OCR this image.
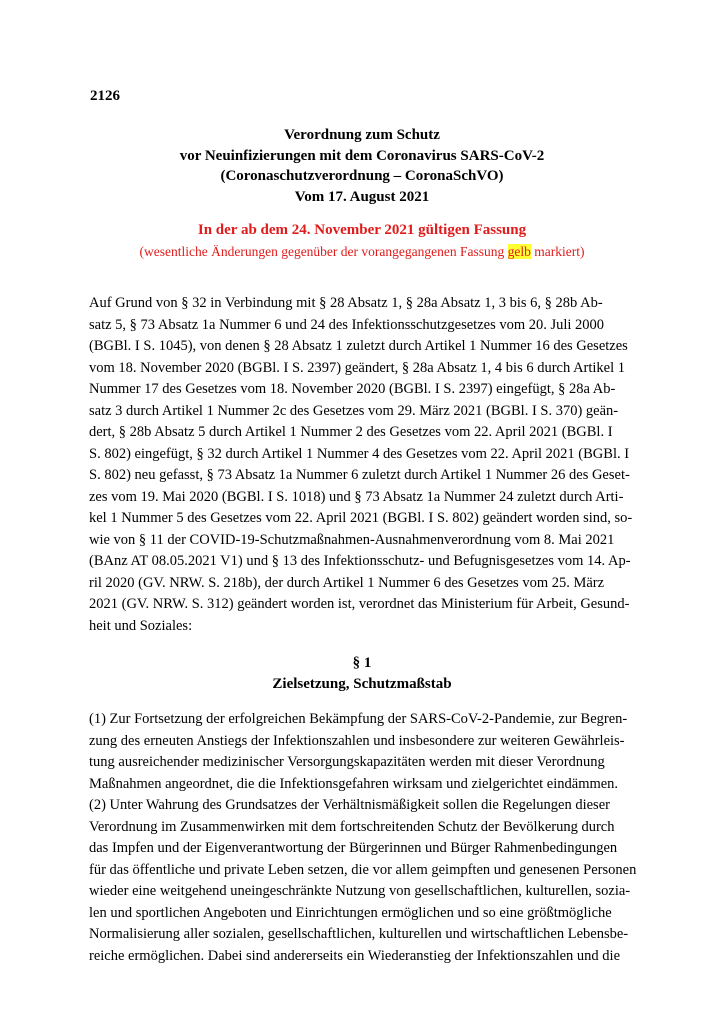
2126
Verordnung zum Schutz
vor Neuinfizierungen mit dem Coronavirus SARS-CoV-2
(Coronaschutzverordnung – CoronaSchVO)
Vom 17. August 2021
In der ab dem 24. November 2021 gültigen Fassung
(wesentliche Änderungen gegenüber der vorangegangenen Fassung gelb markiert)
Auf Grund von § 32 in Verbindung mit § 28 Absatz 1, § 28a Absatz 1, 3 bis 6, § 28b Ab-
satz 5, § 73 Absatz 1a Nummer 6 und 24 des Infektionsschutzgesetzes vom 20. Juli 2000
(BGBl. I S. 1045), von denen § 28 Absatz 1 zuletzt durch Artikel 1 Nummer 16 des Gesetzes
vom 18. November 2020 (BGBl. I S. 2397) geändert, § 28a Absatz 1, 4 bis 6 durch Artikel 1
Nummer 17 des Gesetzes vom 18. November 2020 (BGBl. I S. 2397) eingefügt, § 28a Ab-
satz 3 durch Artikel 1 Nummer 2c des Gesetzes vom 29. März 2021 (BGBl. I S. 370) geän-
dert, § 28b Absatz 5 durch Artikel 1 Nummer 2 des Gesetzes vom 22. April 2021 (BGBl. I
S. 802) eingefügt, § 32 durch Artikel 1 Nummer 4 des Gesetzes vom 22. April 2021 (BGBl. I
S. 802) neu gefasst, § 73 Absatz 1a Nummer 6 zuletzt durch Artikel 1 Nummer 26 des Geset-
zes vom 19. Mai 2020 (BGBl. I S. 1018) und § 73 Absatz 1a Nummer 24 zuletzt durch Arti-
kel 1 Nummer 5 des Gesetzes vom 22. April 2021 (BGBl. I S. 802) geändert worden sind, so-
wie von § 11 der COVID-19-Schutzmaßnahmen-Ausnahmenverordnung vom 8. Mai 2021
(BAnz AT 08.05.2021 V1) und § 13 des Infektionsschutz- und Befugnisgesetzes vom 14. Ap-
ril 2020 (GV. NRW. S. 218b), der durch Artikel 1 Nummer 6 des Gesetzes vom 25. März
2021 (GV. NRW. S. 312) geändert worden ist, verordnet das Ministerium für Arbeit, Gesund-
heit und Soziales:
§ 1
Zielsetzung, Schutzmaßstab
(1) Zur Fortsetzung der erfolgreichen Bekämpfung der SARS-CoV-2-Pandemie, zur Begren-
zung des erneuten Anstiegs der Infektionszahlen und insbesondere zur weiteren Gewährleis-
tung ausreichender medizinischer Versorgungskapazitäten werden mit dieser Verordnung
Maßnahmen angeordnet, die die Infektionsgefahren wirksam und zielgerichtet eindämmen.
(2) Unter Wahrung des Grundsatzes der Verhältnismäßigkeit sollen die Regelungen dieser
Verordnung im Zusammenwirken mit dem fortschreitenden Schutz der Bevölkerung durch
das Impfen und der Eigenverantwortung der Bürgerinnen und Bürger Rahmenbedingungen
für das öffentliche und private Leben setzen, die vor allem geimpften und genesenen Personen
wieder eine weitgehend uneingeschränkte Nutzung von gesellschaftlichen, kulturellen, sozia-
len und sportlichen Angeboten und Einrichtungen ermöglichen und so eine größtmögliche
Normalisierung aller sozialen, gesellschaftlichen, kulturellen und wirtschaftlichen Lebensbe-
reiche ermöglichen. Dabei sind andererseits ein Wiederanstieg der Infektionszahlen und die
